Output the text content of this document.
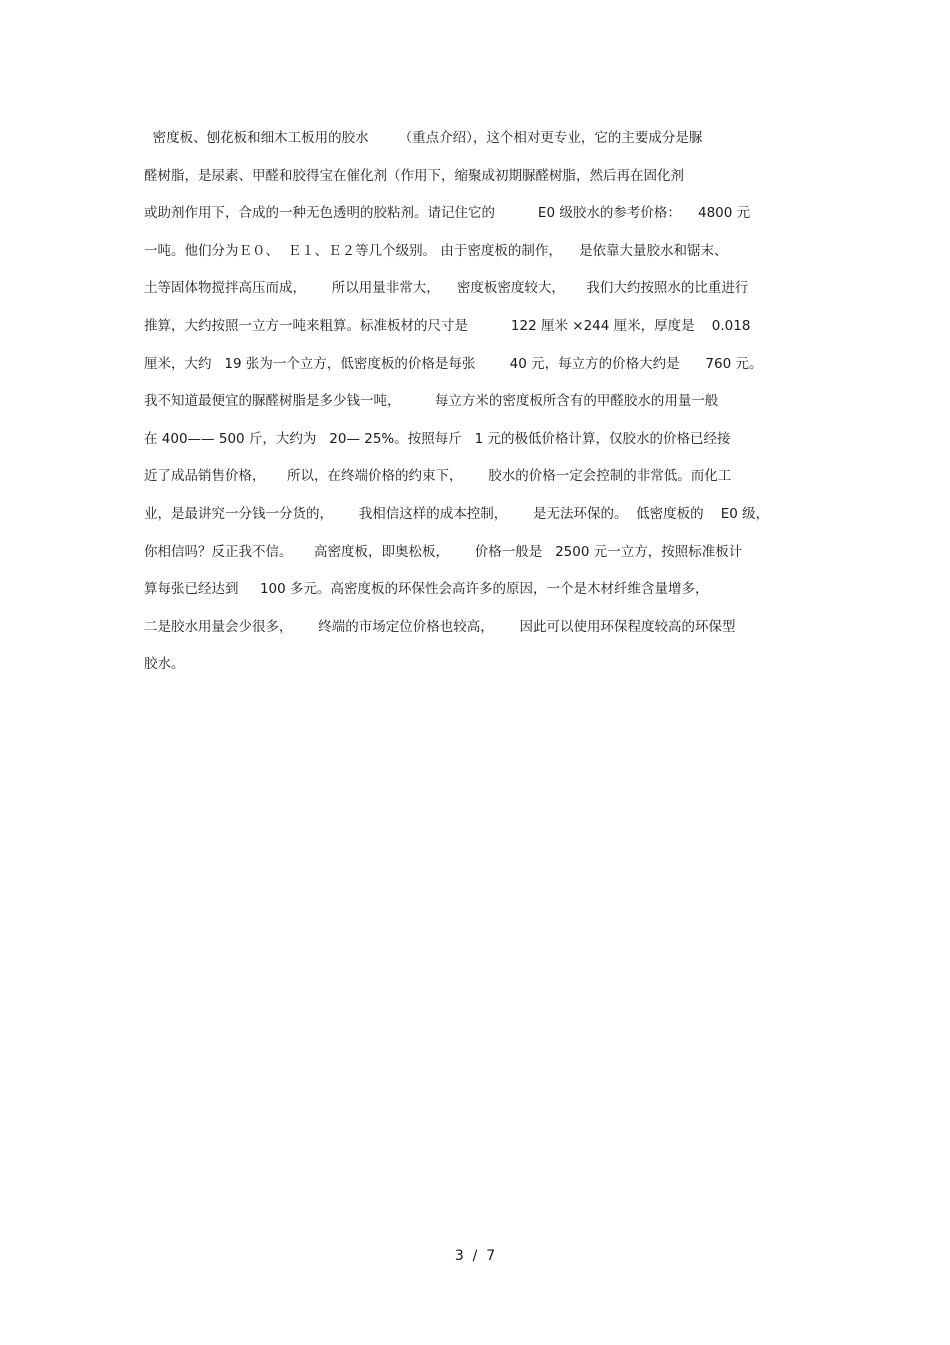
密度板、刨花板和细木工板用的胶水       （重点介绍），这个相对更专业，它的主要成分是脲
醛树脂，是尿素、甲醛和胶得宝在催化剂（作用下，缩聚成初期脲醛树脂，然后再在固化剂
或助剂作用下，合成的一种无色透明的胶粘剂。请记住它的          E0 级胶水的参考价格：    4800 元
一吨。他们分为Ｅ０、  Ｅ１、Ｅ２等几个级别。 由于密度板的制作，    是依靠大量胶水和锯末、
土等固体物搅拌高压而成，      所以用量非常大，    密度板密度较大，     我们大约按照水的比重进行
推算，大约按照一立方一吨来粗算。标准板材的尺寸是          122 厘米 ×244 厘米，厚度是    0.018
厘米，大约   19 张为一个立方，低密度板的价格是每张        40 元，每立方的价格大约是      760 元。
我不知道最便宜的脲醛树脂是多少钱一吨，        每立方米的密度板所含有的甲醛胶水的用量一般
在 400—— 500 斤，大约为   20— 25%。按照每斤   1 元的极低价格计算，仅胶水的价格已经接
近了成品销售价格，     所以，在终端价格的约束下，      胶水的价格一定会控制的非常低。而化工
业，是最讲究一分钱一分货的，      我相信这样的成本控制，      是无法环保的。  低密度板的    E0 级，
你相信吗？反正我不信。     高密度板，即奥松板，      价格一般是   2500 元一立方，按照标准板计
算每张已经达到     100 多元。高密度板的环保性会高许多的原因，一个是木材纤维含量增多，
二是胶水用量会少很多，      终端的市场定位价格也较高，      因此可以使用环保程度较高的环保型
胶水。
3  /  7
